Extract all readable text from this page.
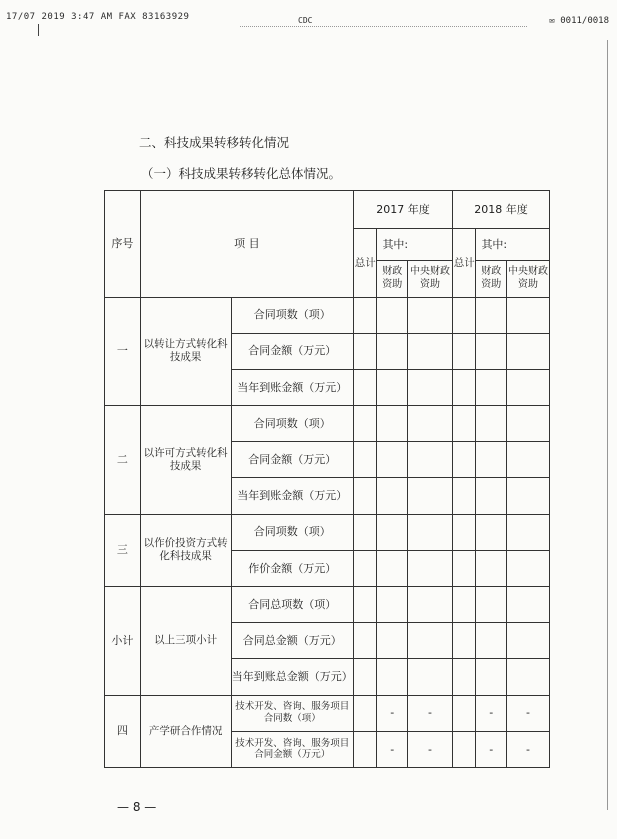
17/07 2019 3:47 AM FAX 83163929	CDC	✉ 0011/0018
二、科技成果转移转化情况
（一）科技成果转移转化总体情况。
序号	项 目		2017 年度			2018 年度		
			总计	其中:		总计	其中:	
				财政资助	中央财政资助		财政资助	中央财政资助
一	以转让方式转化科技成果	合同项数（项）						
		合同金额（万元）						
		当年到账金额（万元）						
二	以许可方式转化科技成果	合同项数（项）						
		合同金额（万元）						
		当年到账金额（万元）						
三	以作价投资方式转化科技成果	合同项数（项）						
		作价金额（万元）						
小计	以上三项小计	合同总项数（项）						
		合同总金额（万元）						
		当年到账总金额（万元）						
四	产学研合作情况	技术开发、咨询、服务项目合同数（项）		-	-		-	-
		技术开发、咨询、服务项目合同金额（万元）		-	-		-	-
— 8 —
